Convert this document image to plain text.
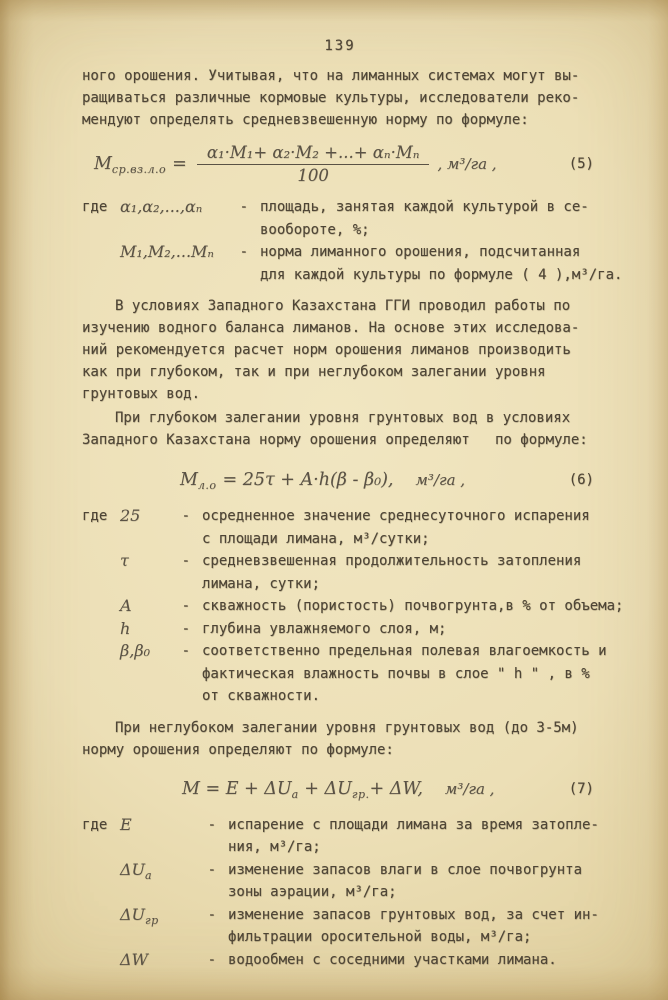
139
ного орошения. Учитывая, что на лиманных системах могут вы-
ращиваться различные кормовые культуры, исследователи реко-
мендуют определять средневзвешенную норму по формуле:
$Mср.вз.л.о = \frac{\text{α₁·M₁+ α₂·M₂ +...+ αₙ·Mₙ}}{100}$ , м³/га ,	(5)
где α₁,α₂,...,αₙ	- площадь, занятая каждой культурой в се-
вообороте, %;
M₁,M₂,...Mₙ - норма лиманного орошения, подсчитанная
для каждой культуры по формуле ( 4 ),м³/га.
В условиях Западного Казахстана ГГИ проводил работы по
изучению водного баланса лиманов. На основе этих исследова-
ний рекомендуется расчет норм орошения лиманов производить
как при глубоком, так и при неглубоком залегании уровня
грунтовых вод.
При глубоком залегании уровня грунтовых вод в условиях
Западного Казахстана норму орошения определяют   по формуле:
Mл.о = 25τ + A·h(β - β₀), м³/га ,	(6)
где 25	- осредненное значение среднесуточного испарения
с площади лимана, м³/сутки;
τ	- средневзвешенная продолжительность затопления
лимана, сутки;
A	- скважность (пористость) почвогрунта,в % от объема;
h	- глубина увлажняемого слоя, м;
β,β₀ - соответственно предельная полевая влагоемкость и
фактическая влажность почвы в слое " h " , в %
от скважности.
При неглубоком залегании уровня грунтовых вод (до 3-5м)
норму орошения определяют по формуле:
M = E + ΔUа + ΔUгр.+ ΔW, м³/га ,	(7)
где E	- испарение с площади лимана за время затопле-
ния, м³/га;
ΔUа	- изменение запасов влаги в слое почвогрунта
зоны аэрации, м³/га;
ΔUгр	- изменение запасов грунтовых вод, за счет ин-
фильтрации оросительной воды, м³/га;
ΔW	- водообмен с соседними участками лимана.
